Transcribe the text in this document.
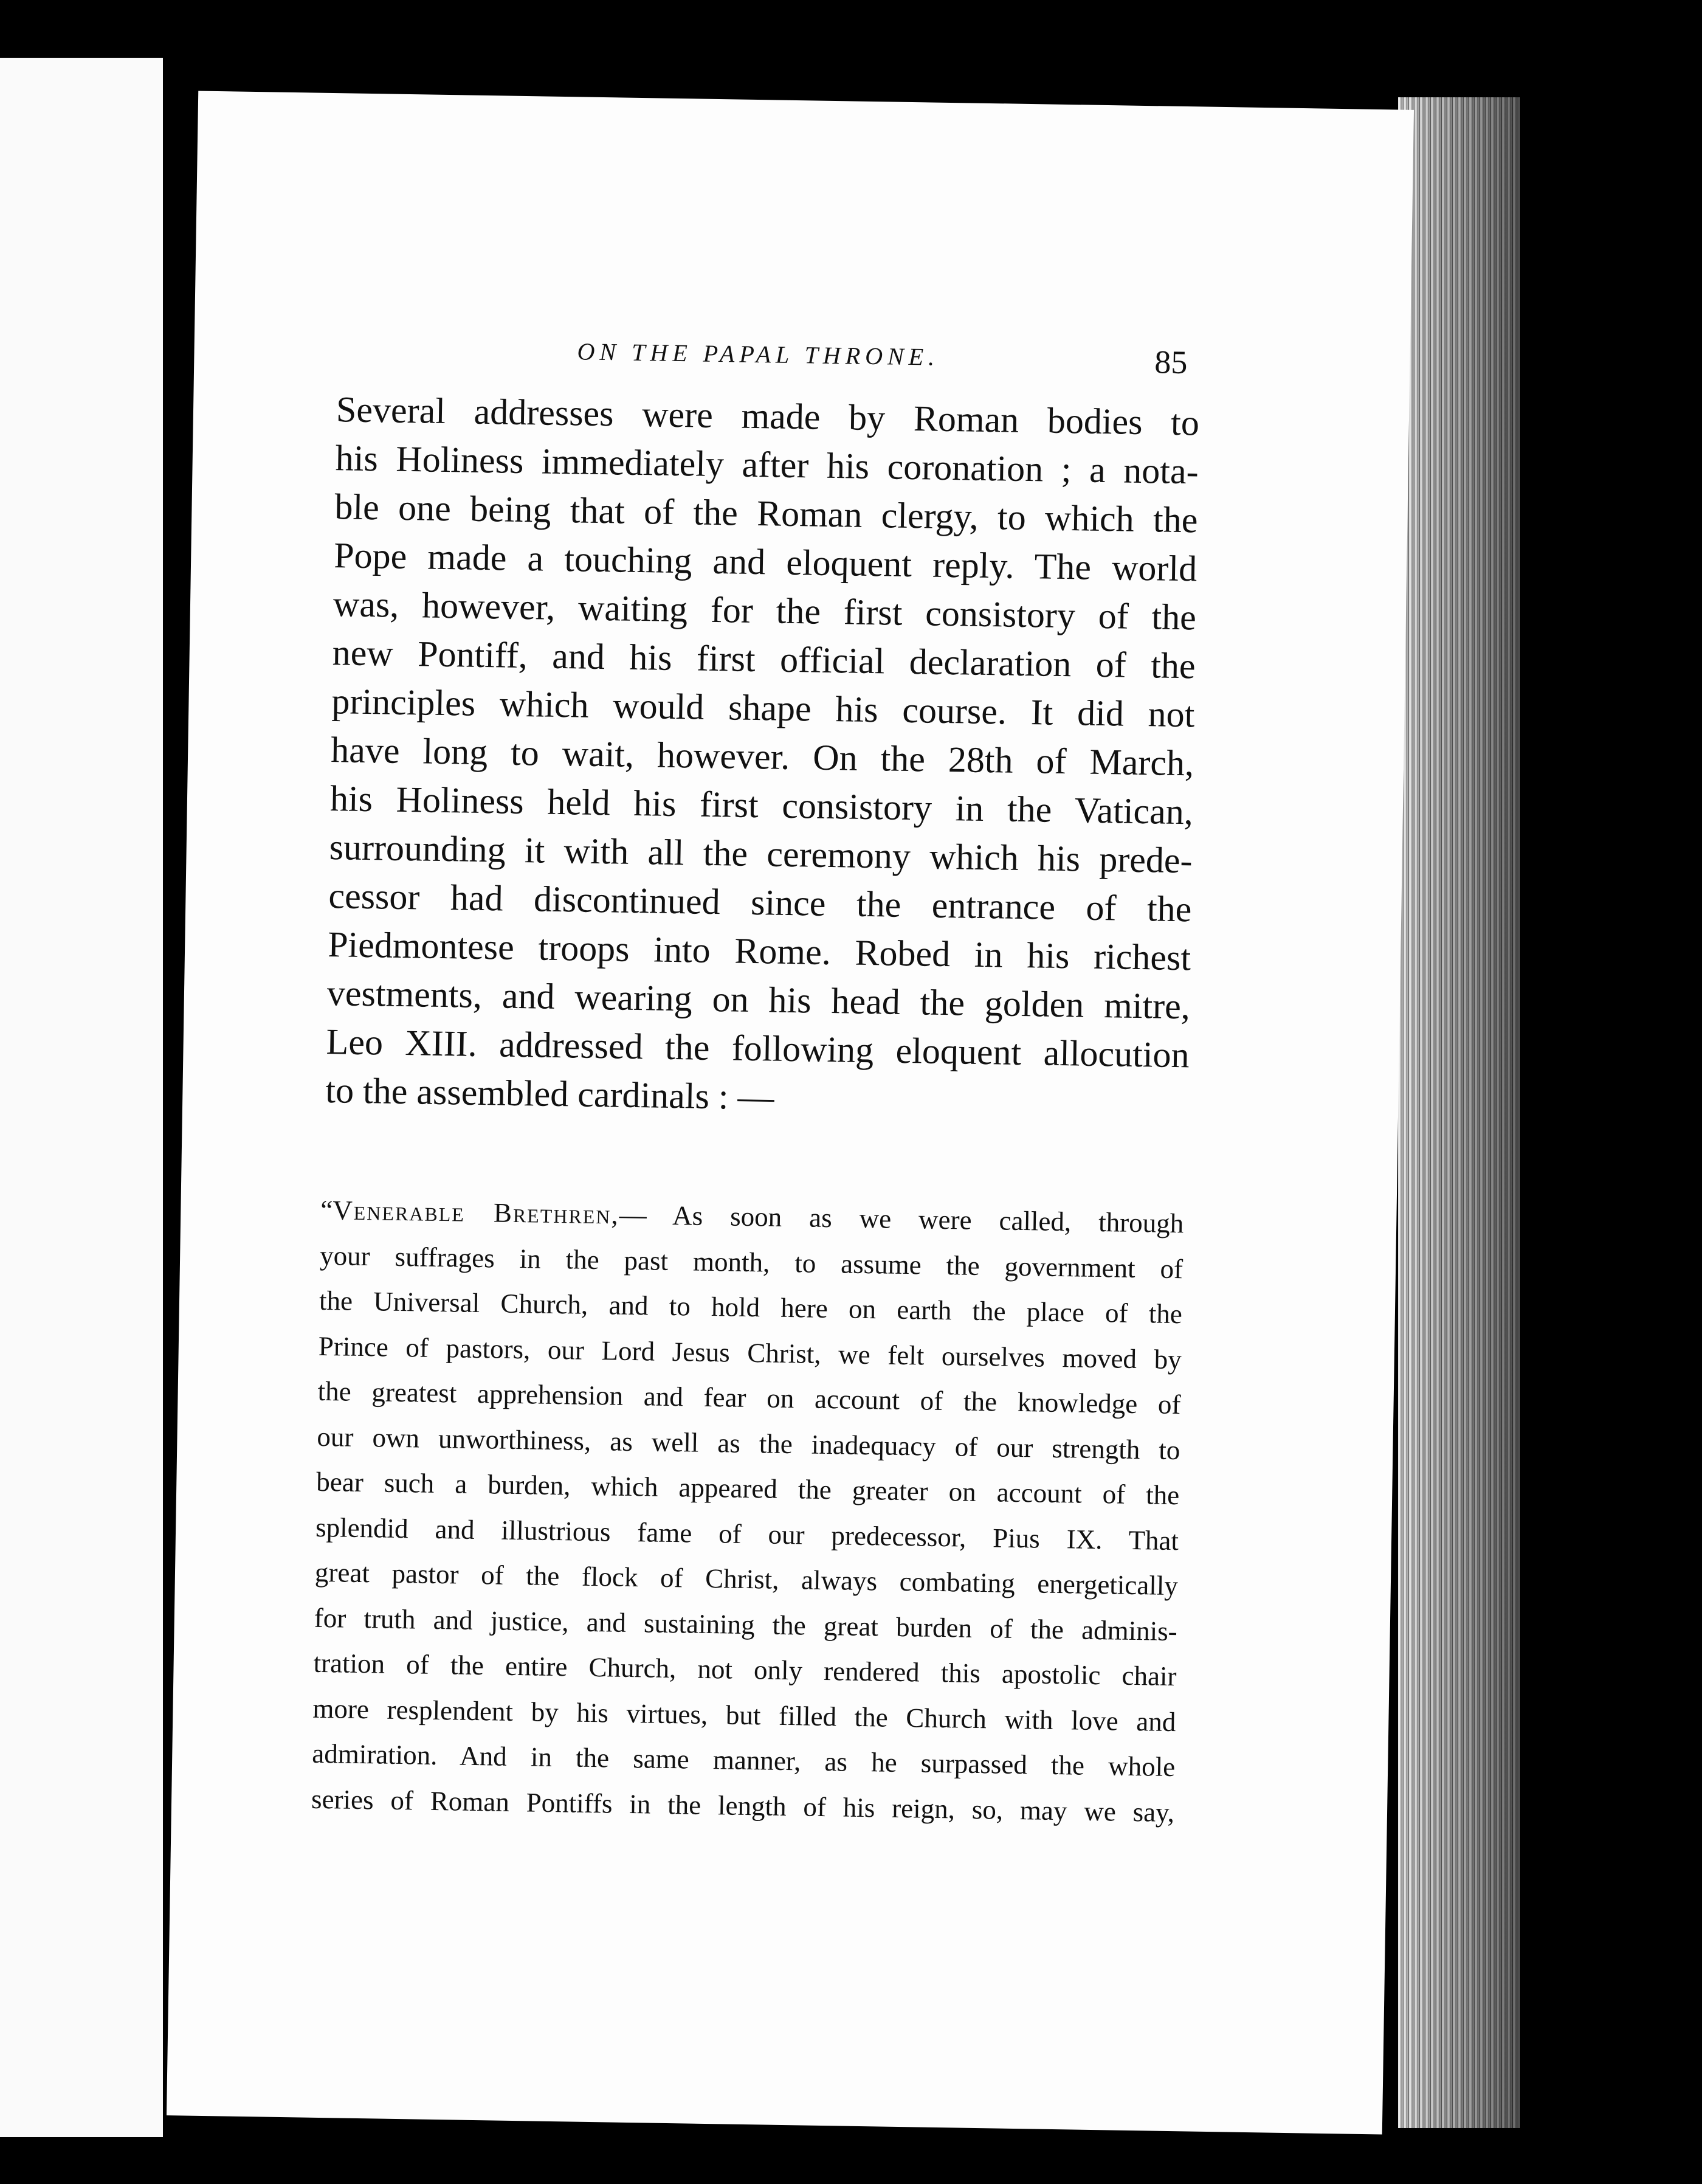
ON THE PAPAL THRONE.	85
Several addresses were made by Roman bodies to
his Holiness immediately after his coronation ; a nota-
ble one being that of the Roman clergy, to which the
Pope made a touching and eloquent reply. The world
was, however, waiting for the first consistory of the
new Pontiff, and his first official declaration of the
principles which would shape his course. It did not
have long to wait, however. On the 28th of March,
his Holiness held his first consistory in the Vatican,
surrounding it with all the ceremony which his prede-
cessor had discontinued since the entrance of the
Piedmontese troops into Rome. Robed in his richest
vestments, and wearing on his head the golden mitre,
Leo XIII. addressed the following eloquent allocution
to the assembled cardinals : —
“Venerable Brethren,— As soon as we were called, through
your suffrages in the past month, to assume the government of
the Universal Church, and to hold here on earth the place of the
Prince of pastors, our Lord Jesus Christ, we felt ourselves moved by
the greatest apprehension and fear on account of the knowledge of
our own unworthiness, as well as the inadequacy of our strength to
bear such a burden, which appeared the greater on account of the
splendid and illustrious fame of our predecessor, Pius IX. That
great pastor of the flock of Christ, always combating energetically
for truth and justice, and sustaining the great burden of the adminis-
tration of the entire Church, not only rendered this apostolic chair
more resplendent by his virtues, but filled the Church with love and
admiration. And in the same manner, as he surpassed the whole
series of Roman Pontiffs in the length of his reign, so, may we say,
